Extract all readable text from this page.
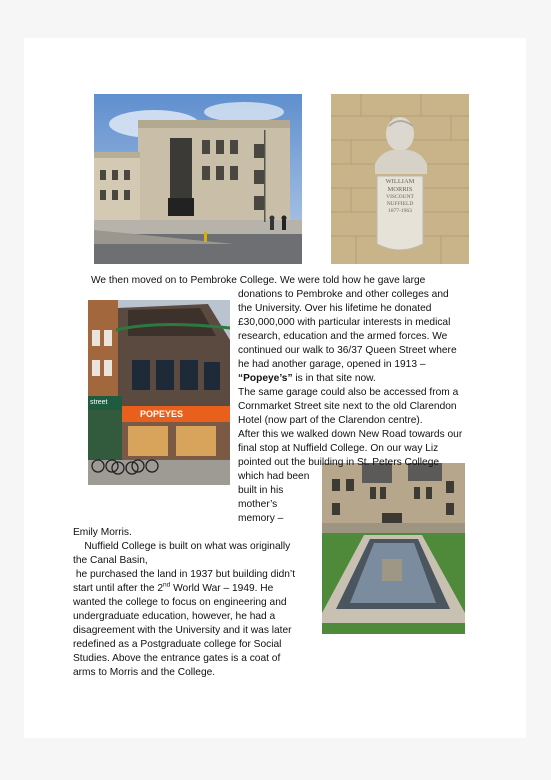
WILLIAM
MORRIS
VISCOUNT
NUFFIELD
1877-1963
POPEYES
street
We then moved on to Pembroke College. We were told how he gave large
donations to Pembroke and other colleges and
the University. Over his lifetime he donated
£30,000,000 with particular interests in medical
research, education and the armed forces. We
continued our walk to 36/37 Queen Street where
he had another garage, opened in 1913 –
“Popeye’s” is in that site now.
The same garage could also be accessed from a
Cornmarket Street site next to the old Clarendon
Hotel (now part of the Clarendon centre).
After this we walked down New Road towards our
final stop at Nuffield College. On our way Liz
pointed out the building in St. Peters College
which had been
built in his
mother’s
memory –
Emily Morris.
Nuffield College is built on what was originally
the Canal Basin,
he purchased the land in 1937 but building didn’t
start until after the 2nd World War – 1949. He
wanted the college to focus on engineering and
undergraduate education, however, he had a
disagreement with the University and it was later
redefined as a Postgraduate college for Social
Studies. Above the entrance gates is a coat of
arms to Morris and the College.
